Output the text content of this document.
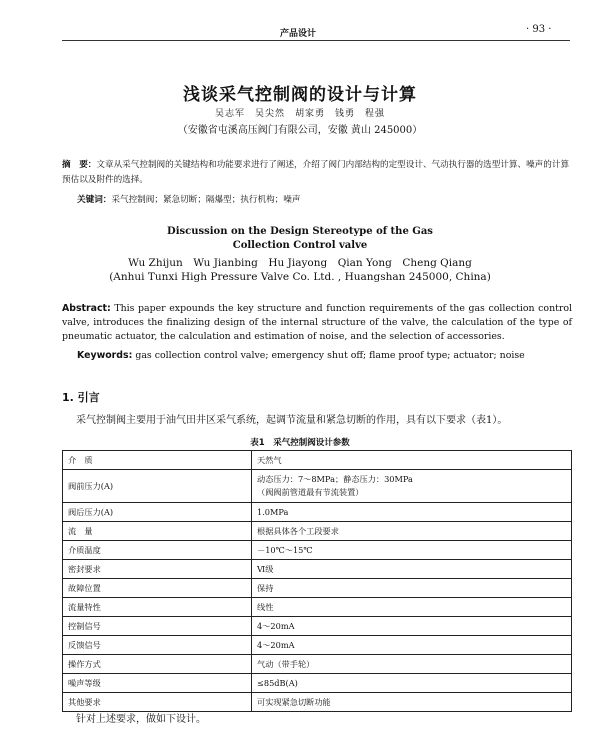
产品设计	· 93 ·
浅谈采气控制阀的设计与计算
吴志军　吴尖然　胡家勇　钱勇　程强
（安徽省屯溪高压阀门有限公司，安徽 黄山 245000）
摘　要：文章从采气控制阀的关键结构和功能要求进行了阐述，介绍了阀门内部结构的定型设计、气动执行器的选型计算、噪声的计算预估以及附件的选择。
关键词：采气控制阀；紧急切断；隔爆型；执行机构；噪声
Discussion on the Design Stereotype of the Gas
Collection Control valve
Wu Zhijun　Wu Jianbing　Hu Jiayong　Qian Yong　Cheng Qiang
(Anhui Tunxi High Pressure Valve Co. Ltd. , Huangshan 245000, China)
Abstract: This paper expounds the key structure and function requirements of the gas collection control valve, introduces the finalizing design of the internal structure of the valve, the calculation of the type of pneumatic actuator, the calculation and estimation of noise, and the selection of accessories.
Keywords: gas collection control valve; emergency shut off; flame proof type; actuator; noise
1. 引言
采气控制阀主要用于油气田井区采气系统，起调节流量和紧急切断的作用，具有以下要求（表1）。
表1　采气控制阀设计参数
介　质	天然气
阀前压力(A)	动态压力：7～8MPa；静态压力：30MPa
（阀阀前管道最有节流装置）

阀后压力(A)	1.0MPa
流　量	根据具体各个工段要求
介质温度	－10℃～15℃
密封要求	Ⅵ级
故障位置	保持
流量特性	线性
控制信号	4～20mA
反馈信号	4～20mA
操作方式	气动（带手轮）
噪声等级	≤85dB(A)
其他要求	可实现紧急切断功能
针对上述要求，做如下设计。
